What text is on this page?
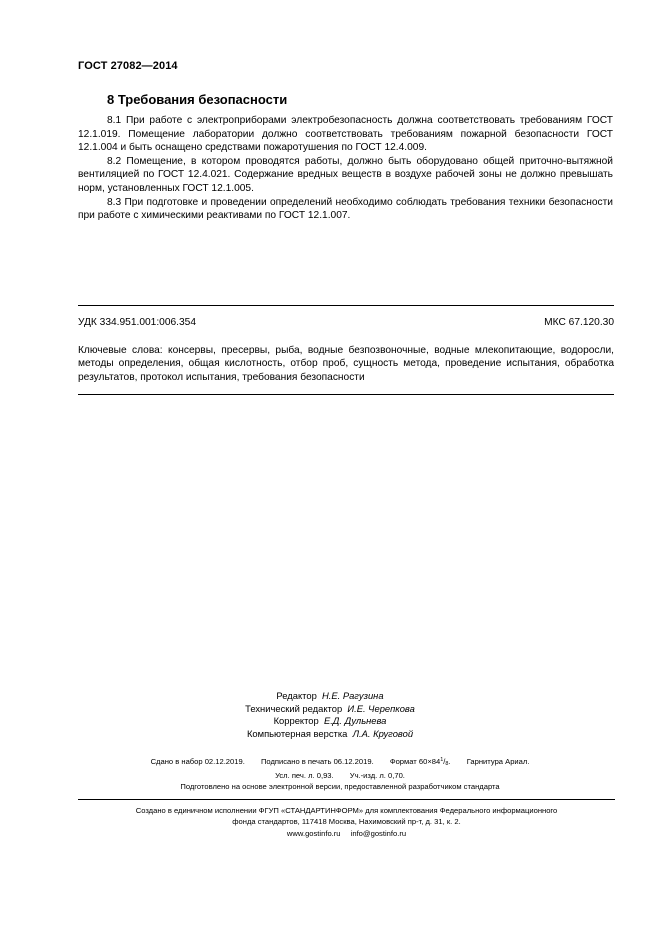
ГОСТ 27082—2014
8 Требования безопасности

8.1 При работе с электроприборами электробезопасность должна соответствовать требованиям ГОСТ 12.1.019. Помещение лаборатории должно соответствовать требованиям пожарной безопасности ГОСТ 12.1.004 и быть оснащено средствами пожаротушения по ГОСТ 12.4.009.

8.2 Помещение, в котором проводятся работы, должно быть оборудовано общей приточно-вытяжной вентиляцией по ГОСТ 12.4.021. Содержание вредных веществ в воздухе рабочей зоны не должно превышать норм, установленных ГОСТ 12.1.005.

8.3 При подготовке и проведении определений необходимо соблюдать требования техники безопасности при работе с химическими реактивами по ГОСТ 12.1.007.

УДК 334.951.001:006.354	МКС 67.120.30
Ключевые слова: консервы, пресервы, рыба, водные безпозвоночные, водные млекопитающие, водоросли, методы определения, общая кислотность, отбор проб, сущность метода, проведение испытания, обработка результатов, протокол испытания, требования безопасности
Редактор Н.Е. Рагузина
Технический редактор И.Е. Черепкова
Корректор Е.Д. Дульнева
Компьютерная верстка Л.А. Круговой
Сдано в набор 02.12.2019. Подписано в печать 06.12.2019. Формат $60\times 84^1/_8$. Гарнитура Ариал.
Усл. печ. л. 0,93. Уч.-изд. л. 0,70.
Подготовлено на основе электронной версии, предоставленной разработчиком стандарта
Создано в единичном исполнении ФГУП «СТАНДАРТИНФОРМ» для комплектования Федерального информационного
фонда стандартов, 117418 Москва, Нахимовский пр-т, д. 31, к. 2.
www.gostinfo.ru info@gostinfo.ru
